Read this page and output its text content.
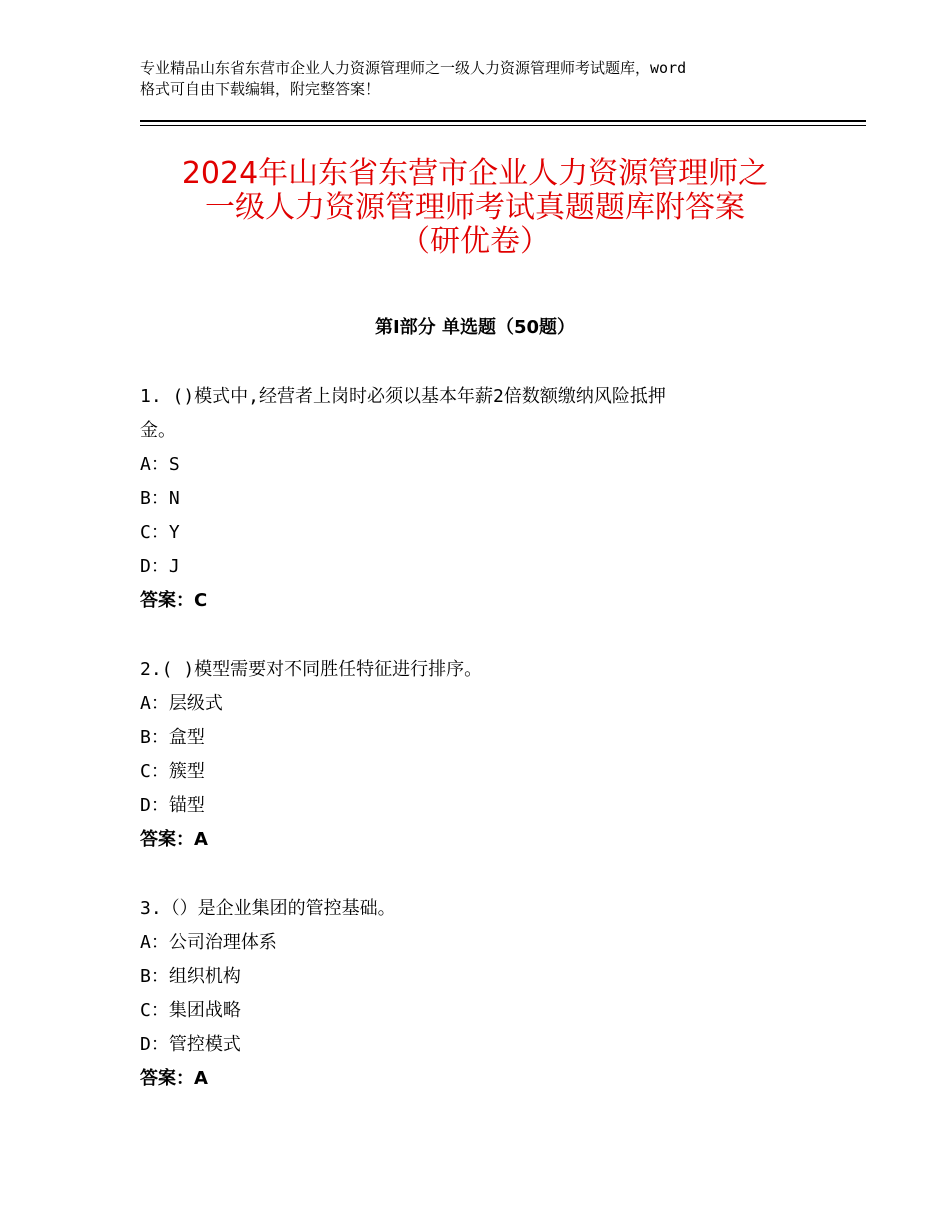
专业精品山东省东营市企业人力资源管理师之一级人力资源管理师考试题库，word
格式可自由下载编辑，附完整答案！
2024年山东省东营市企业人力资源管理师之
一级人力资源管理师考试真题题库附答案
（研优卷）
第Ⅰ部分 单选题（50题）
1. ()模式中,经营者上岗时必须以基本年薪2倍数额缴纳风险抵押
金。
A：S
B：N
C：Y
D：J
答案：C
2.( )模型需要对不同胜任特征进行排序。
A：层级式
B：盒型
C：簇型
D：锚型
答案：A
3.（）是企业集团的管控基础。
A：公司治理体系
B：组织机构
C：集团战略
D：管控模式
答案：A
